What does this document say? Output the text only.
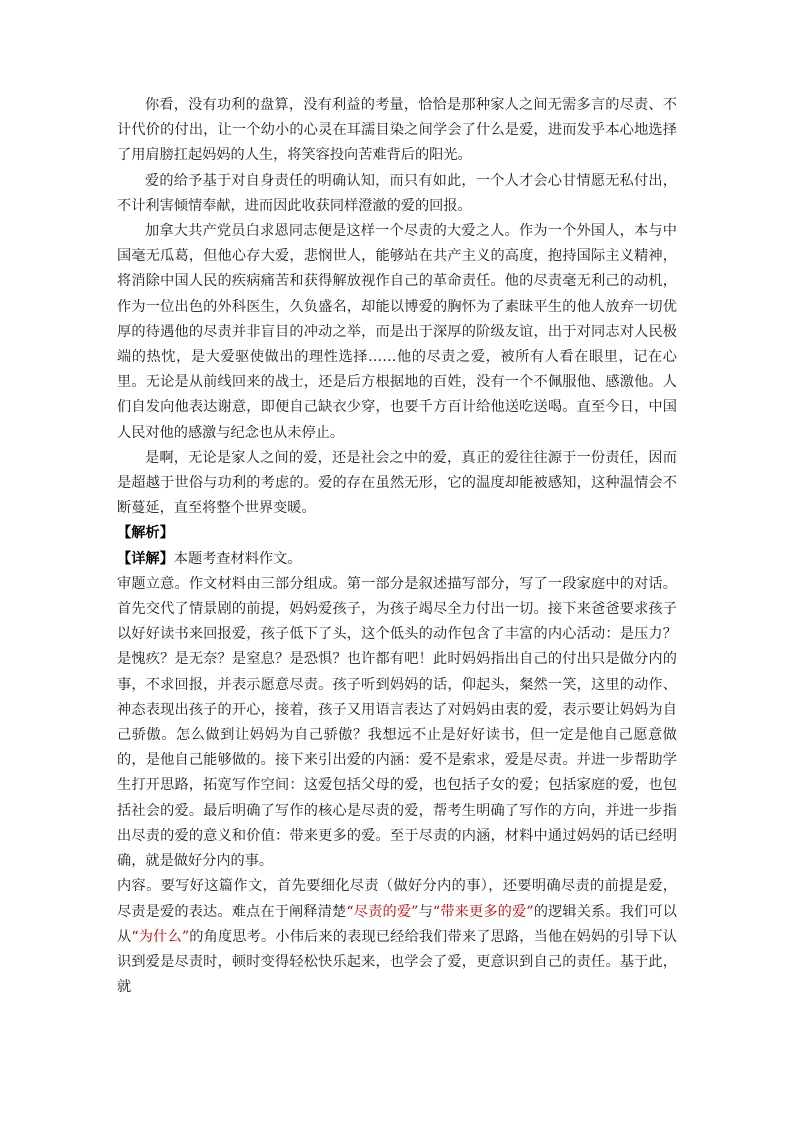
你看，没有功利的盘算，没有利益的考量，恰恰是那种家人之间无需多言的尽责、不计代价的付出，让一个幼小的心灵在耳濡目染之间学会了什么是爱，进而发乎本心地选择了用肩膀扛起妈妈的人生，将笑容投向苦难背后的阳光。

爱的给予基于对自身责任的明确认知，而只有如此，一个人才会心甘情愿无私付出，不计利害倾情奉献，进而因此收获同样澄澈的爱的回报。

加拿大共产党员白求恩同志便是这样一个尽责的大爱之人。作为一个外国人，本与中国毫无瓜葛，但他心存大爱，悲悯世人，能够站在共产主义的高度，抱持国际主义精神，将消除中国人民的疾病痛苦和获得解放视作自己的革命责任。他的尽责毫无利己的动机，作为一位出色的外科医生，久负盛名，却能以博爱的胸怀为了素昧平生的他人放弃一切优厚的待遇他的尽责并非盲目的冲动之举，而是出于深厚的阶级友谊，出于对同志对人民极端的热忱，是大爱驱使做出的理性选择……他的尽责之爱，被所有人看在眼里，记在心里。无论是从前线回来的战士，还是后方根据地的百姓，没有一个不佩服他、感激他。人们自发向他表达谢意，即便自己缺衣少穿，也要千方百计给他送吃送喝。直至今日，中国人民对他的感激与纪念也从未停止。

是啊，无论是家人之间的爱，还是社会之中的爱，真正的爱往往源于一份责任，因而是超越于世俗与功利的考虑的。爱的存在虽然无形，它的温度却能被感知，这种温情会不断蔓延，直至将整个世界变暖。

【解析】

【详解】本题考查材料作文。

审题立意。作文材料由三部分组成。第一部分是叙述描写部分，写了一段家庭中的对话。首先交代了情景剧的前提，妈妈爱孩子，为孩子竭尽全力付出一切。接下来爸爸要求孩子以好好读书来回报爱，孩子低下了头，这个低头的动作包含了丰富的内心活动：是压力？是愧疚？是无奈？是窒息？是恐惧？也许都有吧！此时妈妈指出自己的付出只是做分内的事，不求回报，并表示愿意尽责。孩子听到妈妈的话，仰起头，粲然一笑，这里的动作、神态表现出孩子的开心，接着，孩子又用语言表达了对妈妈由衷的爱，表示要让妈妈为自己骄傲。怎么做到让妈妈为自己骄傲？我想远不止是好好读书，但一定是他自己愿意做的，是他自己能够做的。接下来引出爱的内涵：爱不是索求，爱是尽责。并进一步帮助学生打开思路，拓宽写作空间：这爱包括父母的爱，也包括子女的爱；包括家庭的爱，也包括社会的爱。最后明确了写作的核心是尽责的爱，帮考生明确了写作的方向，并进一步指出尽责的爱的意义和价值：带来更多的爱。至于尽责的内涵，材料中通过妈妈的话已经明确，就是做好分内的事。

内容。要写好这篇作文，首先要细化尽责（做好分内的事），还要明确尽责的前提是爱，尽责是爱的表达。难点在于阐释清楚“尽责的爱”与“带来更多的爱”的逻辑关系。我们可以从“为什么”的角度思考。小伟后来的表现已经给我们带来了思路，当他在妈妈的引导下认识到爱是尽责时，顿时变得轻松快乐起来，也学会了爱，更意识到自己的责任。基于此，就
